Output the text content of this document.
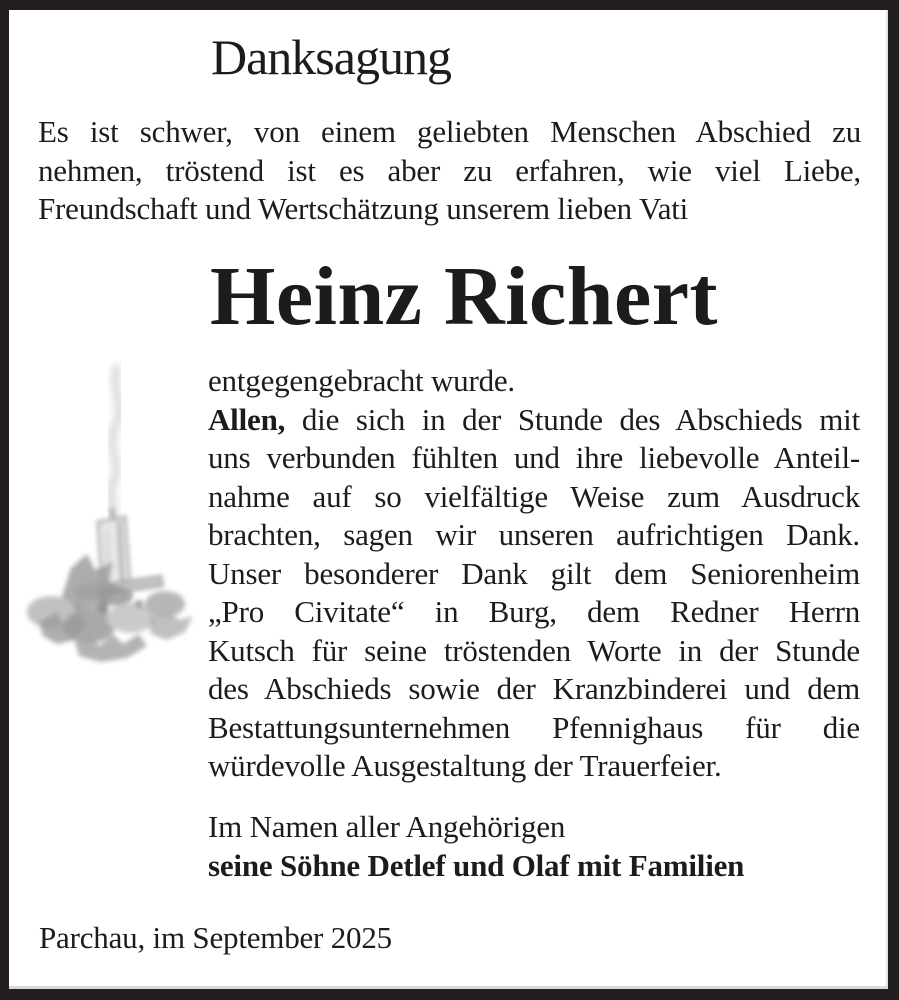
Danksagung
Es ist schwer, von einem geliebten Menschen Abschied zu
nehmen, tröstend ist es aber zu erfahren, wie viel Liebe,
Freundschaft und Wertschätzung unserem lieben Vati
Heinz Richert
entgegengebracht wurde.
Allen, die sich in der Stunde des Abschieds mit
uns verbunden fühlten und ihre liebevolle Anteil-
nahme auf so vielfältige Weise zum Ausdruck
brachten, sagen wir unseren aufrichtigen Dank.
Unser besonderer Dank gilt dem Seniorenheim
„Pro Civitate“ in Burg, dem Redner Herrn
Kutsch für seine tröstenden Worte in der Stunde
des Abschieds sowie der Kranzbinderei und dem
Bestattungsunternehmen Pfennighaus für die
würdevolle Ausgestaltung der Trauerfeier.
Im Namen aller Angehörigen
seine Söhne Detlef und Olaf mit Familien
Parchau, im September 2025
